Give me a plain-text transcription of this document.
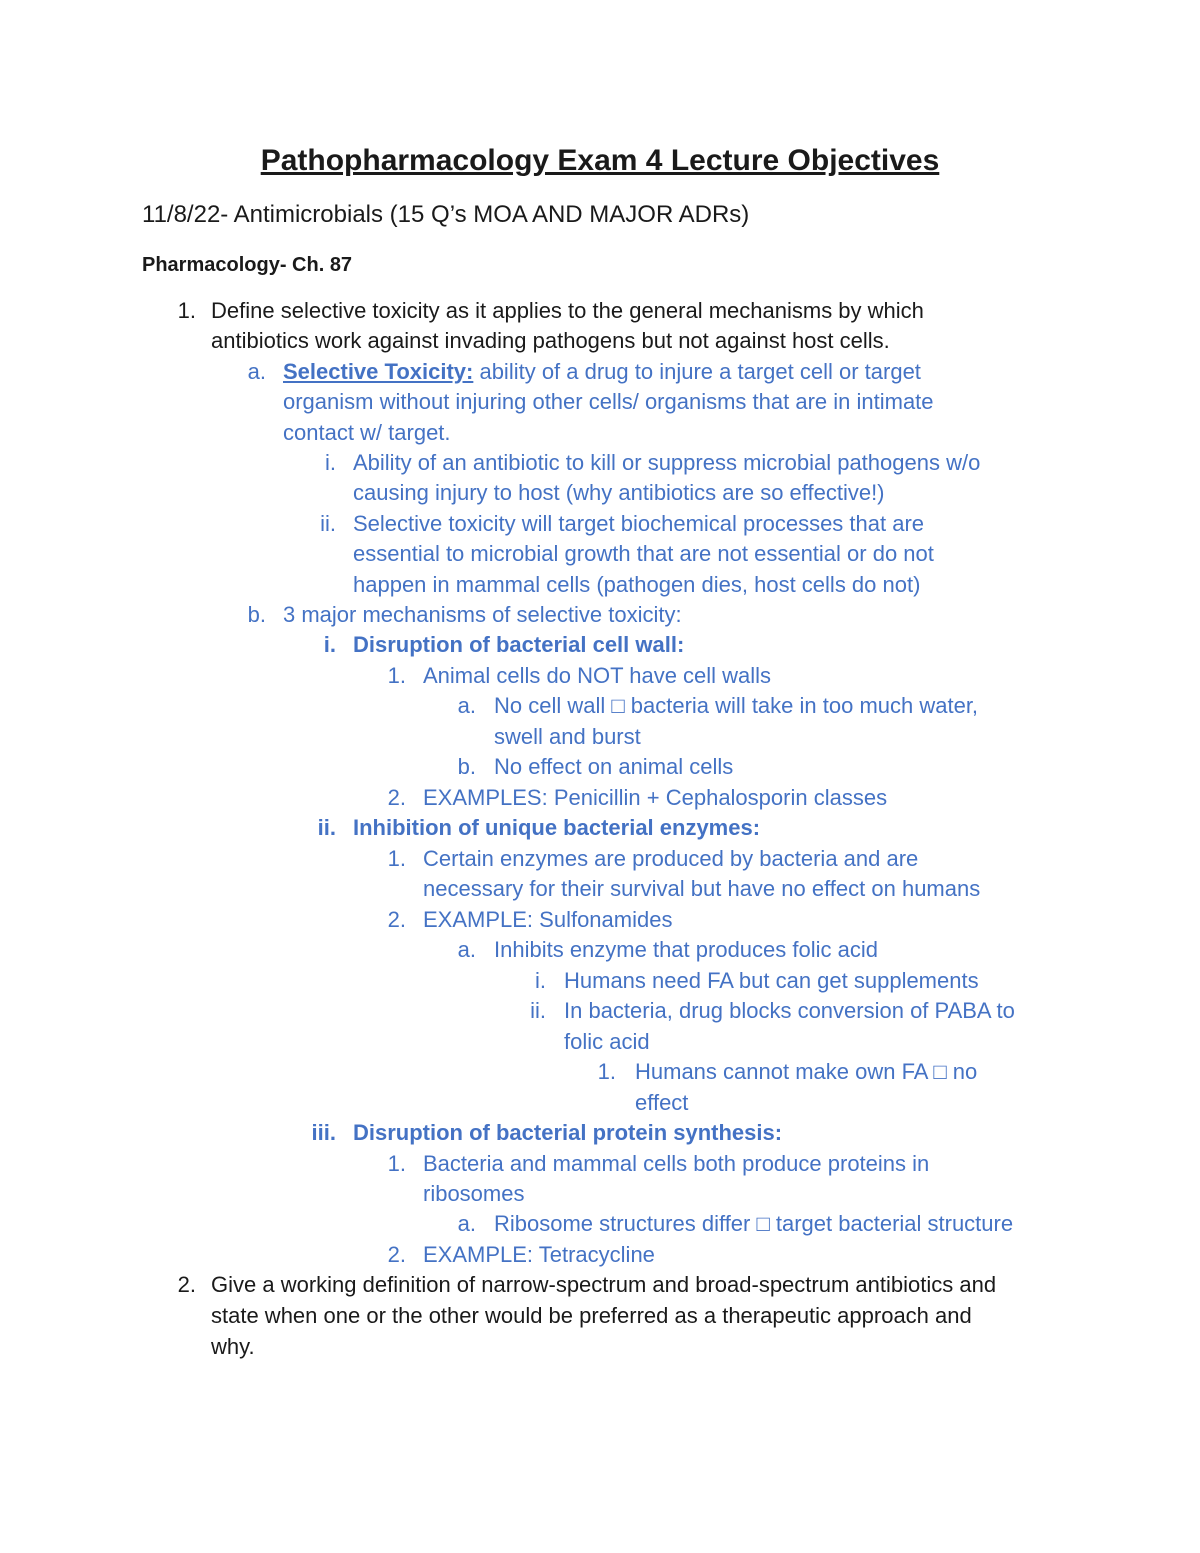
Pathopharmacology Exam 4 Lecture Objectives
11/8/22- Antimicrobials (15 Q’s MOA AND MAJOR ADRs)
Pharmacology- Ch. 87
1. Define selective toxicity as it applies to the general mechanisms by which
antibiotics work against invading pathogens but not against host cells.
a. Selective Toxicity: ability of a drug to injure a target cell or target
organism without injuring other cells/ organisms that are in intimate
contact w/ target.
i. Ability of an antibiotic to kill or suppress microbial pathogens w/o
causing injury to host (why antibiotics are so effective!)
ii. Selective toxicity will target biochemical processes that are
essential to microbial growth that are not essential or do not
happen in mammal cells (pathogen dies, host cells do not)
b. 3 major mechanisms of selective toxicity:
i. Disruption of bacterial cell wall:
1. Animal cells do NOT have cell walls
a. No cell wall □ bacteria will take in too much water,
swell and burst
b. No effect on animal cells
2. EXAMPLES: Penicillin + Cephalosporin classes
ii. Inhibition of unique bacterial enzymes:
1. Certain enzymes are produced by bacteria and are
necessary for their survival but have no effect on humans
2. EXAMPLE: Sulfonamides
a. Inhibits enzyme that produces folic acid
i. Humans need FA but can get supplements
ii. In bacteria, drug blocks conversion of PABA to
folic acid
1. Humans cannot make own FA □ no
effect
iii. Disruption of bacterial protein synthesis:
1. Bacteria and mammal cells both produce proteins in
ribosomes
a. Ribosome structures differ □ target bacterial structure
2. EXAMPLE: Tetracycline
2. Give a working definition of narrow-spectrum and broad-spectrum antibiotics and
state when one or the other would be preferred as a therapeutic approach and
why.
